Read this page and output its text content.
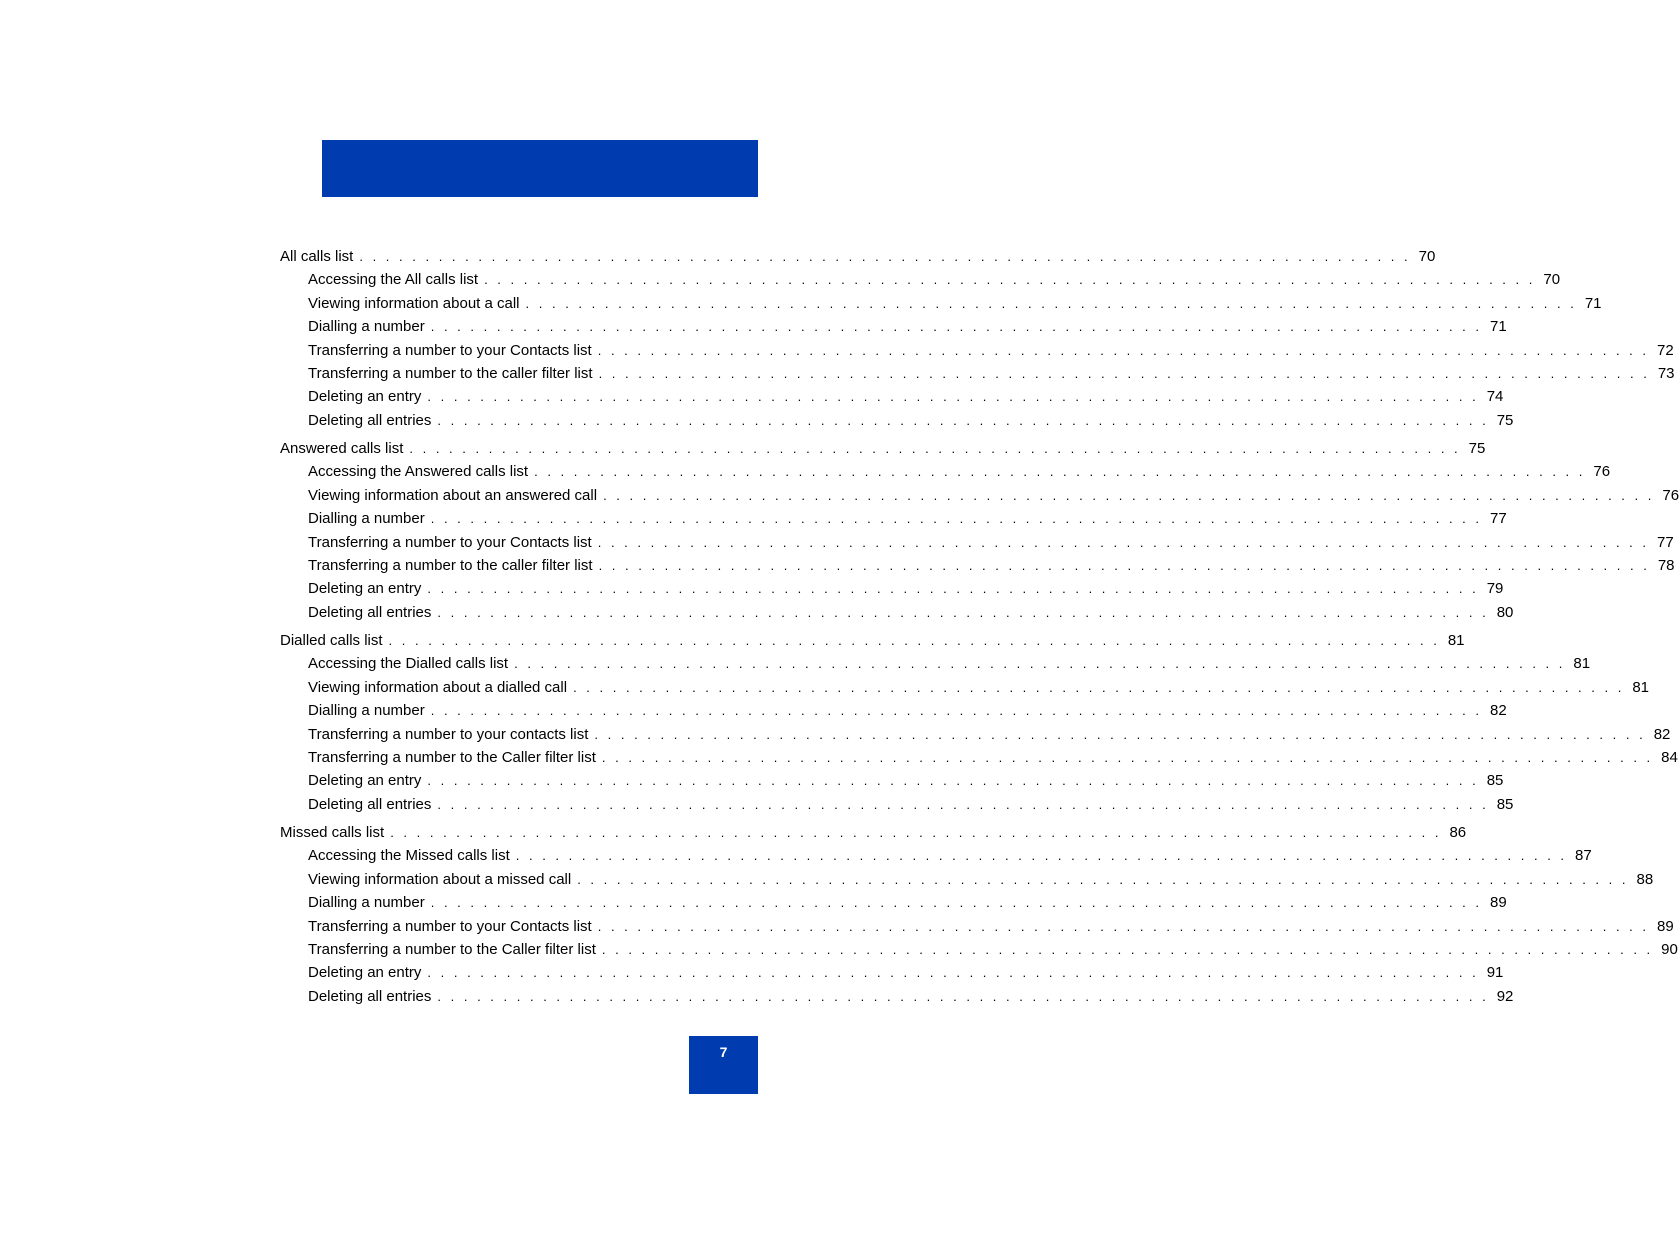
All calls list . . . . . . . . . . . . . . . . . . . . . . . . . . . . . . . . . . . . . . . . . . . . . . . . . . . . . . . . . . . . . . . . . . . . . . . . . . . . . . . . 70
Accessing the All calls list . . . . . . . . . . . . . . . . . . . . . . . . . . . . . . . . . . . . . . . . . . . . . . . . . . . . . . . . . . . . . . . . . . . . . . . . . . . . . . . . 70
Viewing information about a call . . . . . . . . . . . . . . . . . . . . . . . . . . . . . . . . . . . . . . . . . . . . . . . . . . . . . . . . . . . . . . . . . . . . . . . . . . . . . . . . 71
Dialling a number . . . . . . . . . . . . . . . . . . . . . . . . . . . . . . . . . . . . . . . . . . . . . . . . . . . . . . . . . . . . . . . . . . . . . . . . . . . . . . . . 71
Transferring a number to your Contacts list . . . . . . . . . . . . . . . . . . . . . . . . . . . . . . . . . . . . . . . . . . . . . . . . . . . . . . . . . . . . . . . . . . . . . . . . . . . . . . . . 72
Transferring a number to the caller filter list . . . . . . . . . . . . . . . . . . . . . . . . . . . . . . . . . . . . . . . . . . . . . . . . . . . . . . . . . . . . . . . . . . . . . . . . . . . . . . . . 73
Deleting an entry . . . . . . . . . . . . . . . . . . . . . . . . . . . . . . . . . . . . . . . . . . . . . . . . . . . . . . . . . . . . . . . . . . . . . . . . . . . . . . . . 74
Deleting all entries . . . . . . . . . . . . . . . . . . . . . . . . . . . . . . . . . . . . . . . . . . . . . . . . . . . . . . . . . . . . . . . . . . . . . . . . . . . . . . . . 75
Answered calls list . . . . . . . . . . . . . . . . . . . . . . . . . . . . . . . . . . . . . . . . . . . . . . . . . . . . . . . . . . . . . . . . . . . . . . . . . . . . . . . . 75
Accessing the Answered calls list . . . . . . . . . . . . . . . . . . . . . . . . . . . . . . . . . . . . . . . . . . . . . . . . . . . . . . . . . . . . . . . . . . . . . . . . . . . . . . . . 76
Viewing information about an answered call . . . . . . . . . . . . . . . . . . . . . . . . . . . . . . . . . . . . . . . . . . . . . . . . . . . . . . . . . . . . . . . . . . . . . . . . . . . . . . . . 76
Dialling a number . . . . . . . . . . . . . . . . . . . . . . . . . . . . . . . . . . . . . . . . . . . . . . . . . . . . . . . . . . . . . . . . . . . . . . . . . . . . . . . . 77
Transferring a number to your Contacts list . . . . . . . . . . . . . . . . . . . . . . . . . . . . . . . . . . . . . . . . . . . . . . . . . . . . . . . . . . . . . . . . . . . . . . . . . . . . . . . . 77
Transferring a number to the caller filter list . . . . . . . . . . . . . . . . . . . . . . . . . . . . . . . . . . . . . . . . . . . . . . . . . . . . . . . . . . . . . . . . . . . . . . . . . . . . . . . . 78
Deleting an entry . . . . . . . . . . . . . . . . . . . . . . . . . . . . . . . . . . . . . . . . . . . . . . . . . . . . . . . . . . . . . . . . . . . . . . . . . . . . . . . . 79
Deleting all entries . . . . . . . . . . . . . . . . . . . . . . . . . . . . . . . . . . . . . . . . . . . . . . . . . . . . . . . . . . . . . . . . . . . . . . . . . . . . . . . . 80
Dialled calls list . . . . . . . . . . . . . . . . . . . . . . . . . . . . . . . . . . . . . . . . . . . . . . . . . . . . . . . . . . . . . . . . . . . . . . . . . . . . . . . . 81
Accessing the Dialled calls list . . . . . . . . . . . . . . . . . . . . . . . . . . . . . . . . . . . . . . . . . . . . . . . . . . . . . . . . . . . . . . . . . . . . . . . . . . . . . . . . 81
Viewing information about a dialled call . . . . . . . . . . . . . . . . . . . . . . . . . . . . . . . . . . . . . . . . . . . . . . . . . . . . . . . . . . . . . . . . . . . . . . . . . . . . . . . . 81
Dialling a number . . . . . . . . . . . . . . . . . . . . . . . . . . . . . . . . . . . . . . . . . . . . . . . . . . . . . . . . . . . . . . . . . . . . . . . . . . . . . . . . 82
Transferring a number to your contacts list . . . . . . . . . . . . . . . . . . . . . . . . . . . . . . . . . . . . . . . . . . . . . . . . . . . . . . . . . . . . . . . . . . . . . . . . . . . . . . . . 82
Transferring a number to the Caller filter list . . . . . . . . . . . . . . . . . . . . . . . . . . . . . . . . . . . . . . . . . . . . . . . . . . . . . . . . . . . . . . . . . . . . . . . . . . . . . . . . 84
Deleting an entry . . . . . . . . . . . . . . . . . . . . . . . . . . . . . . . . . . . . . . . . . . . . . . . . . . . . . . . . . . . . . . . . . . . . . . . . . . . . . . . . 85
Deleting all entries . . . . . . . . . . . . . . . . . . . . . . . . . . . . . . . . . . . . . . . . . . . . . . . . . . . . . . . . . . . . . . . . . . . . . . . . . . . . . . . . 85
Missed calls list . . . . . . . . . . . . . . . . . . . . . . . . . . . . . . . . . . . . . . . . . . . . . . . . . . . . . . . . . . . . . . . . . . . . . . . . . . . . . . . . 86
Accessing the Missed calls list . . . . . . . . . . . . . . . . . . . . . . . . . . . . . . . . . . . . . . . . . . . . . . . . . . . . . . . . . . . . . . . . . . . . . . . . . . . . . . . . 87
Viewing information about a missed call . . . . . . . . . . . . . . . . . . . . . . . . . . . . . . . . . . . . . . . . . . . . . . . . . . . . . . . . . . . . . . . . . . . . . . . . . . . . . . . . 88
Dialling a number . . . . . . . . . . . . . . . . . . . . . . . . . . . . . . . . . . . . . . . . . . . . . . . . . . . . . . . . . . . . . . . . . . . . . . . . . . . . . . . . 89
Transferring a number to your Contacts list . . . . . . . . . . . . . . . . . . . . . . . . . . . . . . . . . . . . . . . . . . . . . . . . . . . . . . . . . . . . . . . . . . . . . . . . . . . . . . . . 89
Transferring a number to the Caller filter list . . . . . . . . . . . . . . . . . . . . . . . . . . . . . . . . . . . . . . . . . . . . . . . . . . . . . . . . . . . . . . . . . . . . . . . . . . . . . . . . 90
Deleting an entry . . . . . . . . . . . . . . . . . . . . . . . . . . . . . . . . . . . . . . . . . . . . . . . . . . . . . . . . . . . . . . . . . . . . . . . . . . . . . . . . 91
Deleting all entries . . . . . . . . . . . . . . . . . . . . . . . . . . . . . . . . . . . . . . . . . . . . . . . . . . . . . . . . . . . . . . . . . . . . . . . . . . . . . . . . 92
7
